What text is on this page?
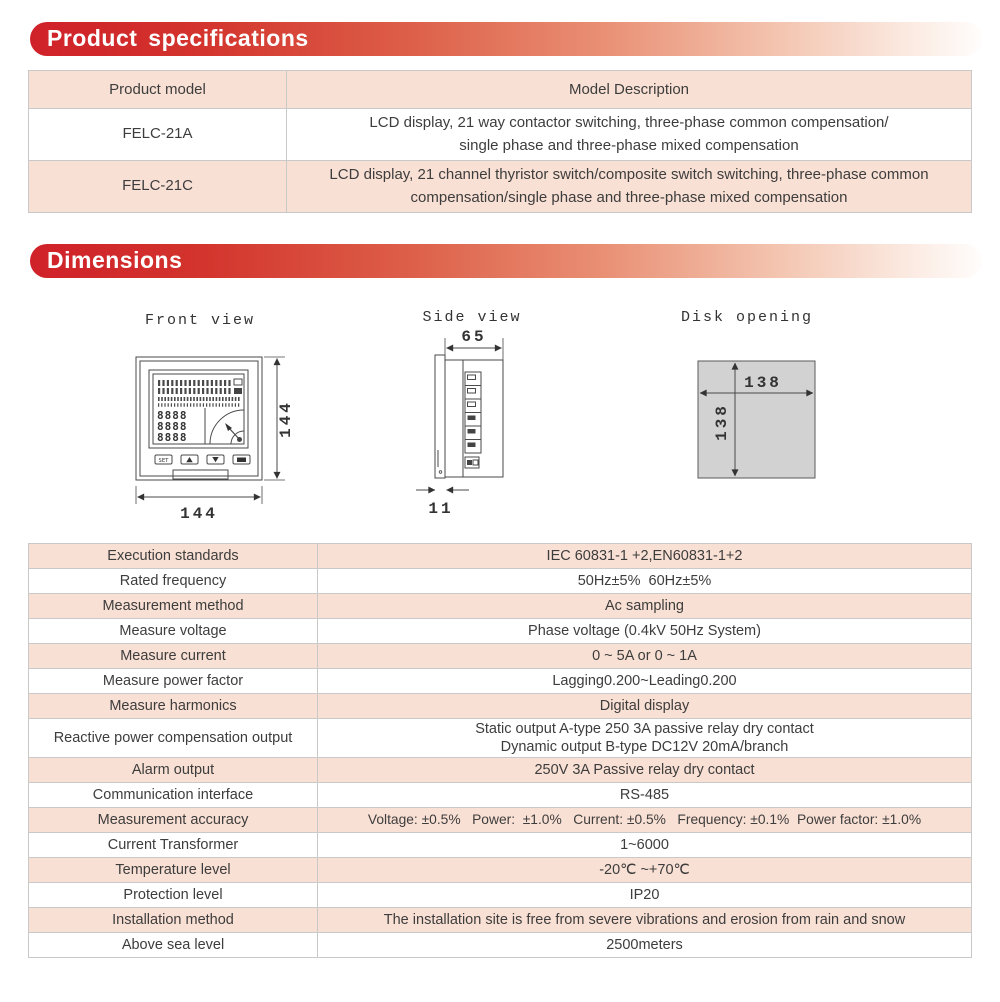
Product specifications
Product model	Model Description
FELC-21A	LCD display, 21 way contactor switching, three-phase common compensation/
single phase and three-phase mixed compensation

FELC-21C	LCD display, 21 channel thyristor switch/composite switch switching, three-phase common
compensation/single phase and three-phase mixed compensation
Dimensions
Front view
8888
8888
8888
SET
144
144
Side view
65
11
Disk opening
138
138
Execution standards	IEC 60831-1 +2,EN60831-1+2
Rated frequency	50Hz±5%  60Hz±5%
Measurement method	Ac sampling
Measure voltage	Phase voltage (0.4kV 50Hz System)
Measure current	0 ~ 5A or 0 ~ 1A
Measure power factor	Lagging0.200~Leading0.200
Measure harmonics	Digital display
Reactive power compensation output	Static output A-type 250 3A passive relay dry contact
Dynamic output B-type DC12V 20mA/branch

Alarm output	250V 3A Passive relay dry contact
Communication interface	RS-485
Measurement accuracy	Voltage: ±0.5%   Power:  ±1.0%   Current: ±0.5%   Frequency: ±0.1%  Power factor: ±1.0%
Current Transformer	1~6000
Temperature level	-20℃ ~+70℃
Protection level	IP20
Installation method	The installation site is free from severe vibrations and erosion from rain and snow
Above sea level	2500meters
